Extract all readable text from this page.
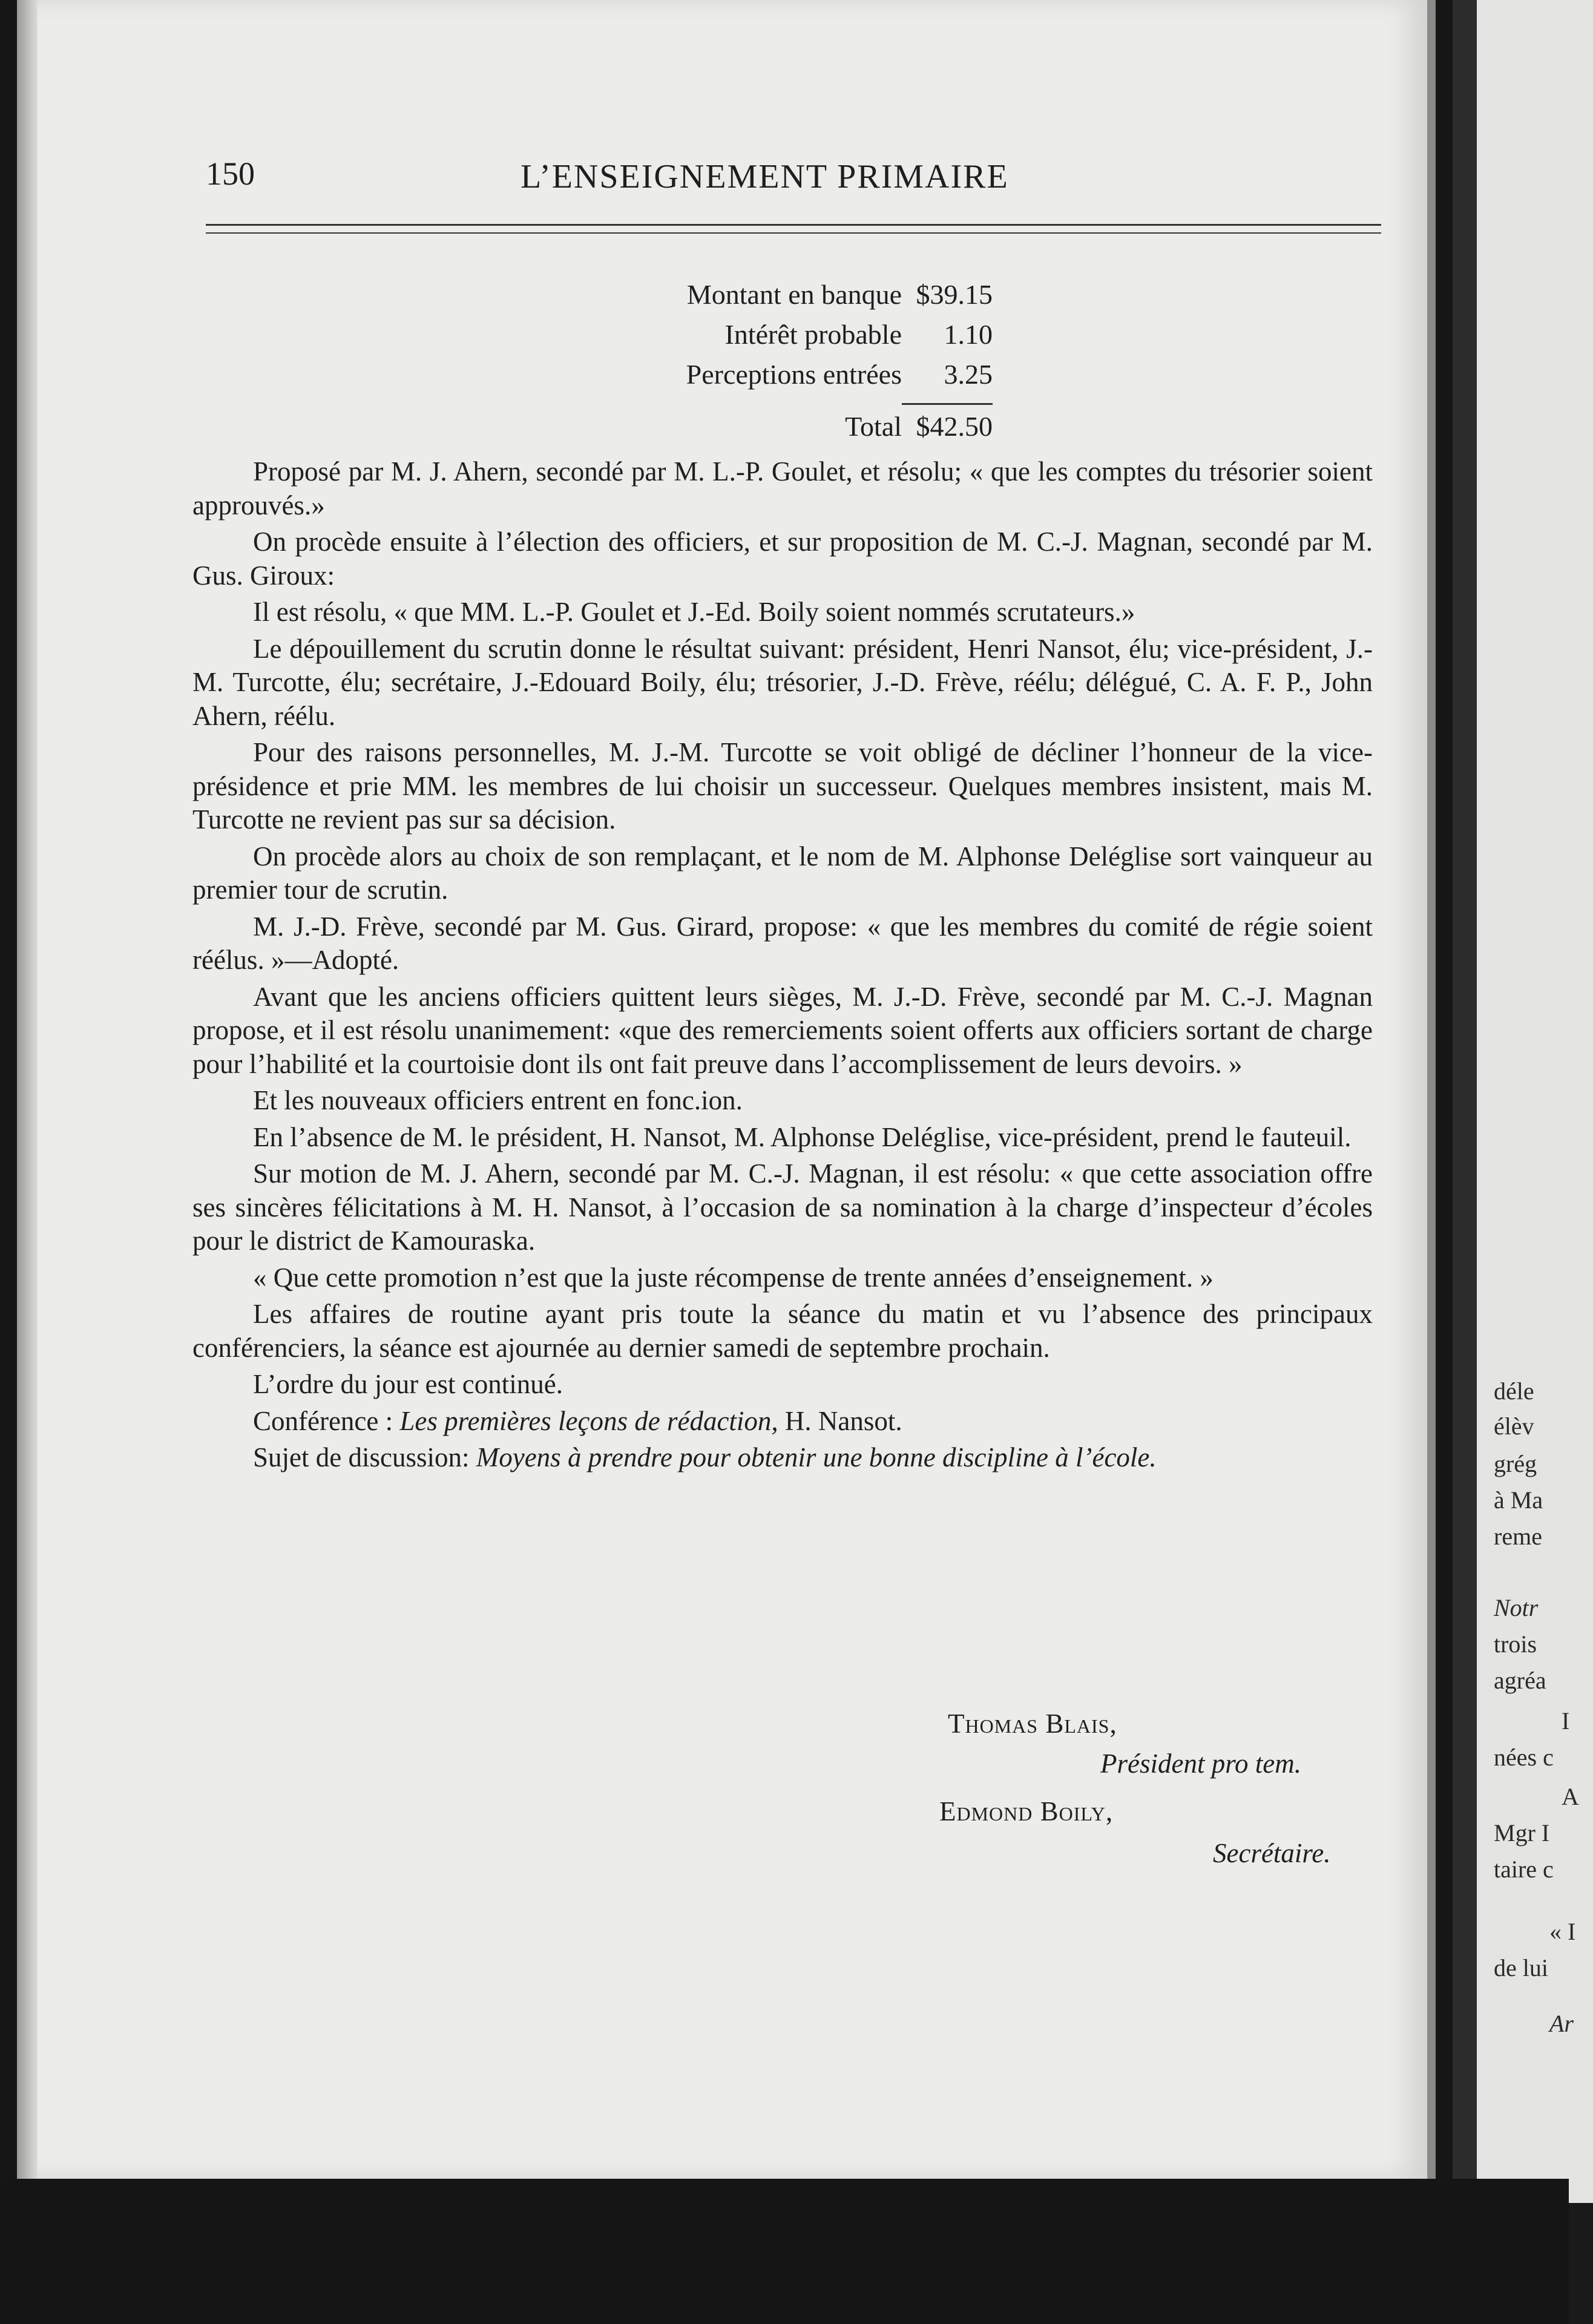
déle
élèv
grég
à Ma
reme
Notr
trois
agréa
I
nées c
A
Mgr I
taire c
« I
de lui
Ar
150	L’ENSEIGNEMENT PRIMAIRE
Montant en banque $39.15
Intérêt probable 1.10
Perceptions entrées 3.25
Total $42.50

Proposé par M. J. Ahern, secondé par M. L.-P. Goulet, et résolu; « que les comptes du trésorier soient approuvés.»

On procède ensuite à l’élection des officiers, et sur proposition de M. C.-J. Magnan, secondé par M. Gus. Giroux:

Il est résolu, « que MM. L.-P. Goulet et J.-Ed. Boily soient nommés scrutateurs.»

Le dépouillement du scrutin donne le résultat suivant: président, Henri Nansot, élu; vice-président, J.-M. Turcotte, élu; secrétaire, J.-Edouard Boily, élu; trésorier, J.-D. Frève, réélu; délégué, C. A. F. P., John Ahern, réélu.

Pour des raisons personnelles, M. J.-M. Turcotte se voit obligé de décliner l’honneur de la vice-présidence et prie MM. les membres de lui choisir un successeur. Quelques membres insistent, mais M. Turcotte ne revient pas sur sa décision.

On procède alors au choix de son remplaçant, et le nom de M. Alphonse Deléglise sort vainqueur au premier tour de scrutin.

M. J.-D. Frève, secondé par M. Gus. Girard, propose: « que les membres du comité de régie soient réélus. »—Adopté.

Avant que les anciens officiers quittent leurs sièges, M. J.-D. Frève, secondé par M. C.-J. Magnan propose, et il est résolu unanimement: «que des remerciements soient offerts aux officiers sortant de charge pour l’habilité et la courtoisie dont ils ont fait preuve dans l’accomplissement de leurs devoirs. »

Et les nouveaux officiers entrent en fonc.ion.

En l’absence de M. le président, H. Nansot, M. Alphonse Deléglise, vice-président, prend le fauteuil.

Sur motion de M. J. Ahern, secondé par M. C.-J. Magnan, il est résolu: « que cette association offre ses sincères félicitations à M. H. Nansot, à l’occasion de sa nomination à la charge d’inspecteur d’écoles pour le district de Kamouraska.

« Que cette promotion n’est que la juste récompense de trente années d’enseignement. »

Les affaires de routine ayant pris toute la séance du matin et vu l’absence des principaux conférenciers, la séance est ajournée au dernier samedi de septembre prochain.

L’ordre du jour est continué.

Conférence : Les premières leçons de rédaction, H. Nansot.

Sujet de discussion: Moyens à prendre pour obtenir une bonne discipline à l’école.

Thomas Blais,
Président pro tem.
Edmond Boily,
Secrétaire.
